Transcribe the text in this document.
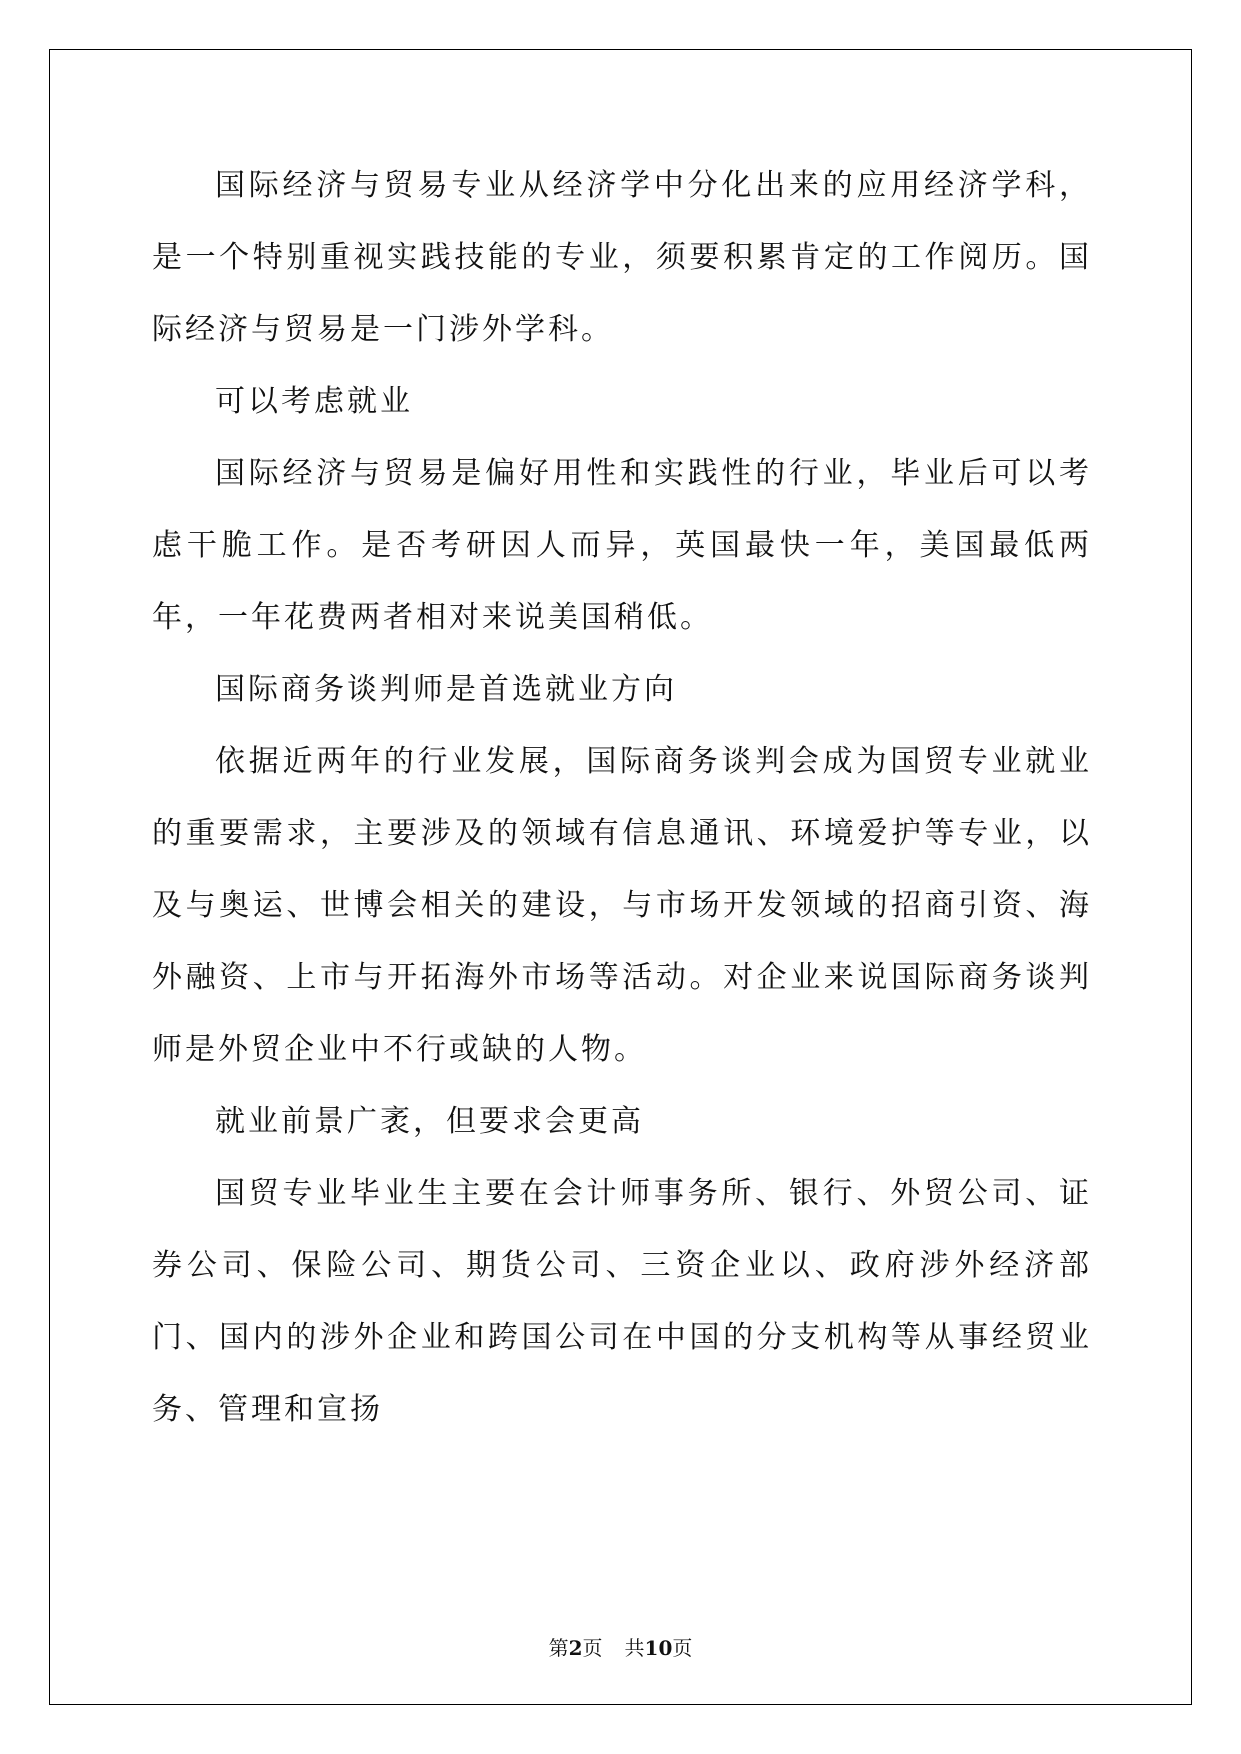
国际经济与贸易专业从经济学中分化出来的应用经济学科，是一个特别重视实践技能的专业，须要积累肯定的工作阅历。国际经济与贸易是一门涉外学科。

可以考虑就业

国际经济与贸易是偏好用性和实践性的行业，毕业后可以考虑干脆工作。是否考研因人而异，英国最快一年，美国最低两年，一年花费两者相对来说美国稍低。

国际商务谈判师是首选就业方向

依据近两年的行业发展，国际商务谈判会成为国贸专业就业的重要需求，主要涉及的领域有信息通讯、环境爱护等专业，以及与奥运、世博会相关的建设，与市场开发领域的招商引资、海外融资、上市与开拓海外市场等活动。对企业来说国际商务谈判师是外贸企业中不行或缺的人物。

就业前景广袤，但要求会更高

国贸专业毕业生主要在会计师事务所、银行、外贸公司、证券公司、保险公司、期货公司、三资企业以、政府涉外经济部门、国内的涉外企业和跨国公司在中国的分支机构等从事经贸业务、管理和宣扬

第2页 共10页
